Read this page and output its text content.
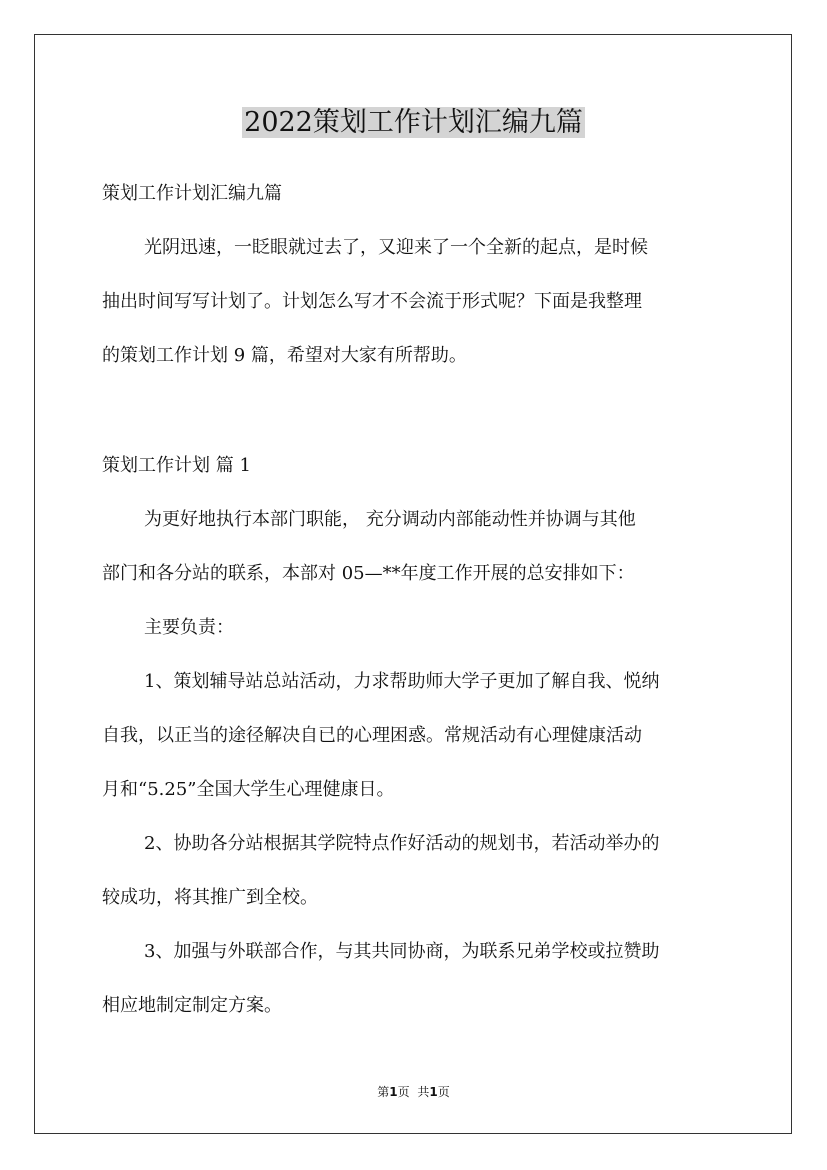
2022策划工作计划汇编九篇
策划工作计划汇编九篇
光阴迅速，一眨眼就过去了，又迎来了一个全新的起点，是时候
抽出时间写写计划了。计划怎么写才不会流于形式呢？下面是我整理
的策划工作计划 9 篇，希望对大家有所帮助。
策划工作计划 篇 1
为更好地执行本部门职能， 充分调动内部能动性并协调与其他
部门和各分站的联系，本部对 05—**年度工作开展的总安排如下：
主要负责：
1、策划辅导站总站活动，力求帮助师大学子更加了解自我、悦纳
自我，以正当的途径解决自已的心理困惑。常规活动有心理健康活动
月和“5.25”全国大学生心理健康日。
2、协助各分站根据其学院特点作好活动的规划书，若活动举办的
较成功，将其推广到全校。
3、加强与外联部合作，与其共同协商，为联系兄弟学校或拉赞助
相应地制定制定方案。
第1页 共1页
